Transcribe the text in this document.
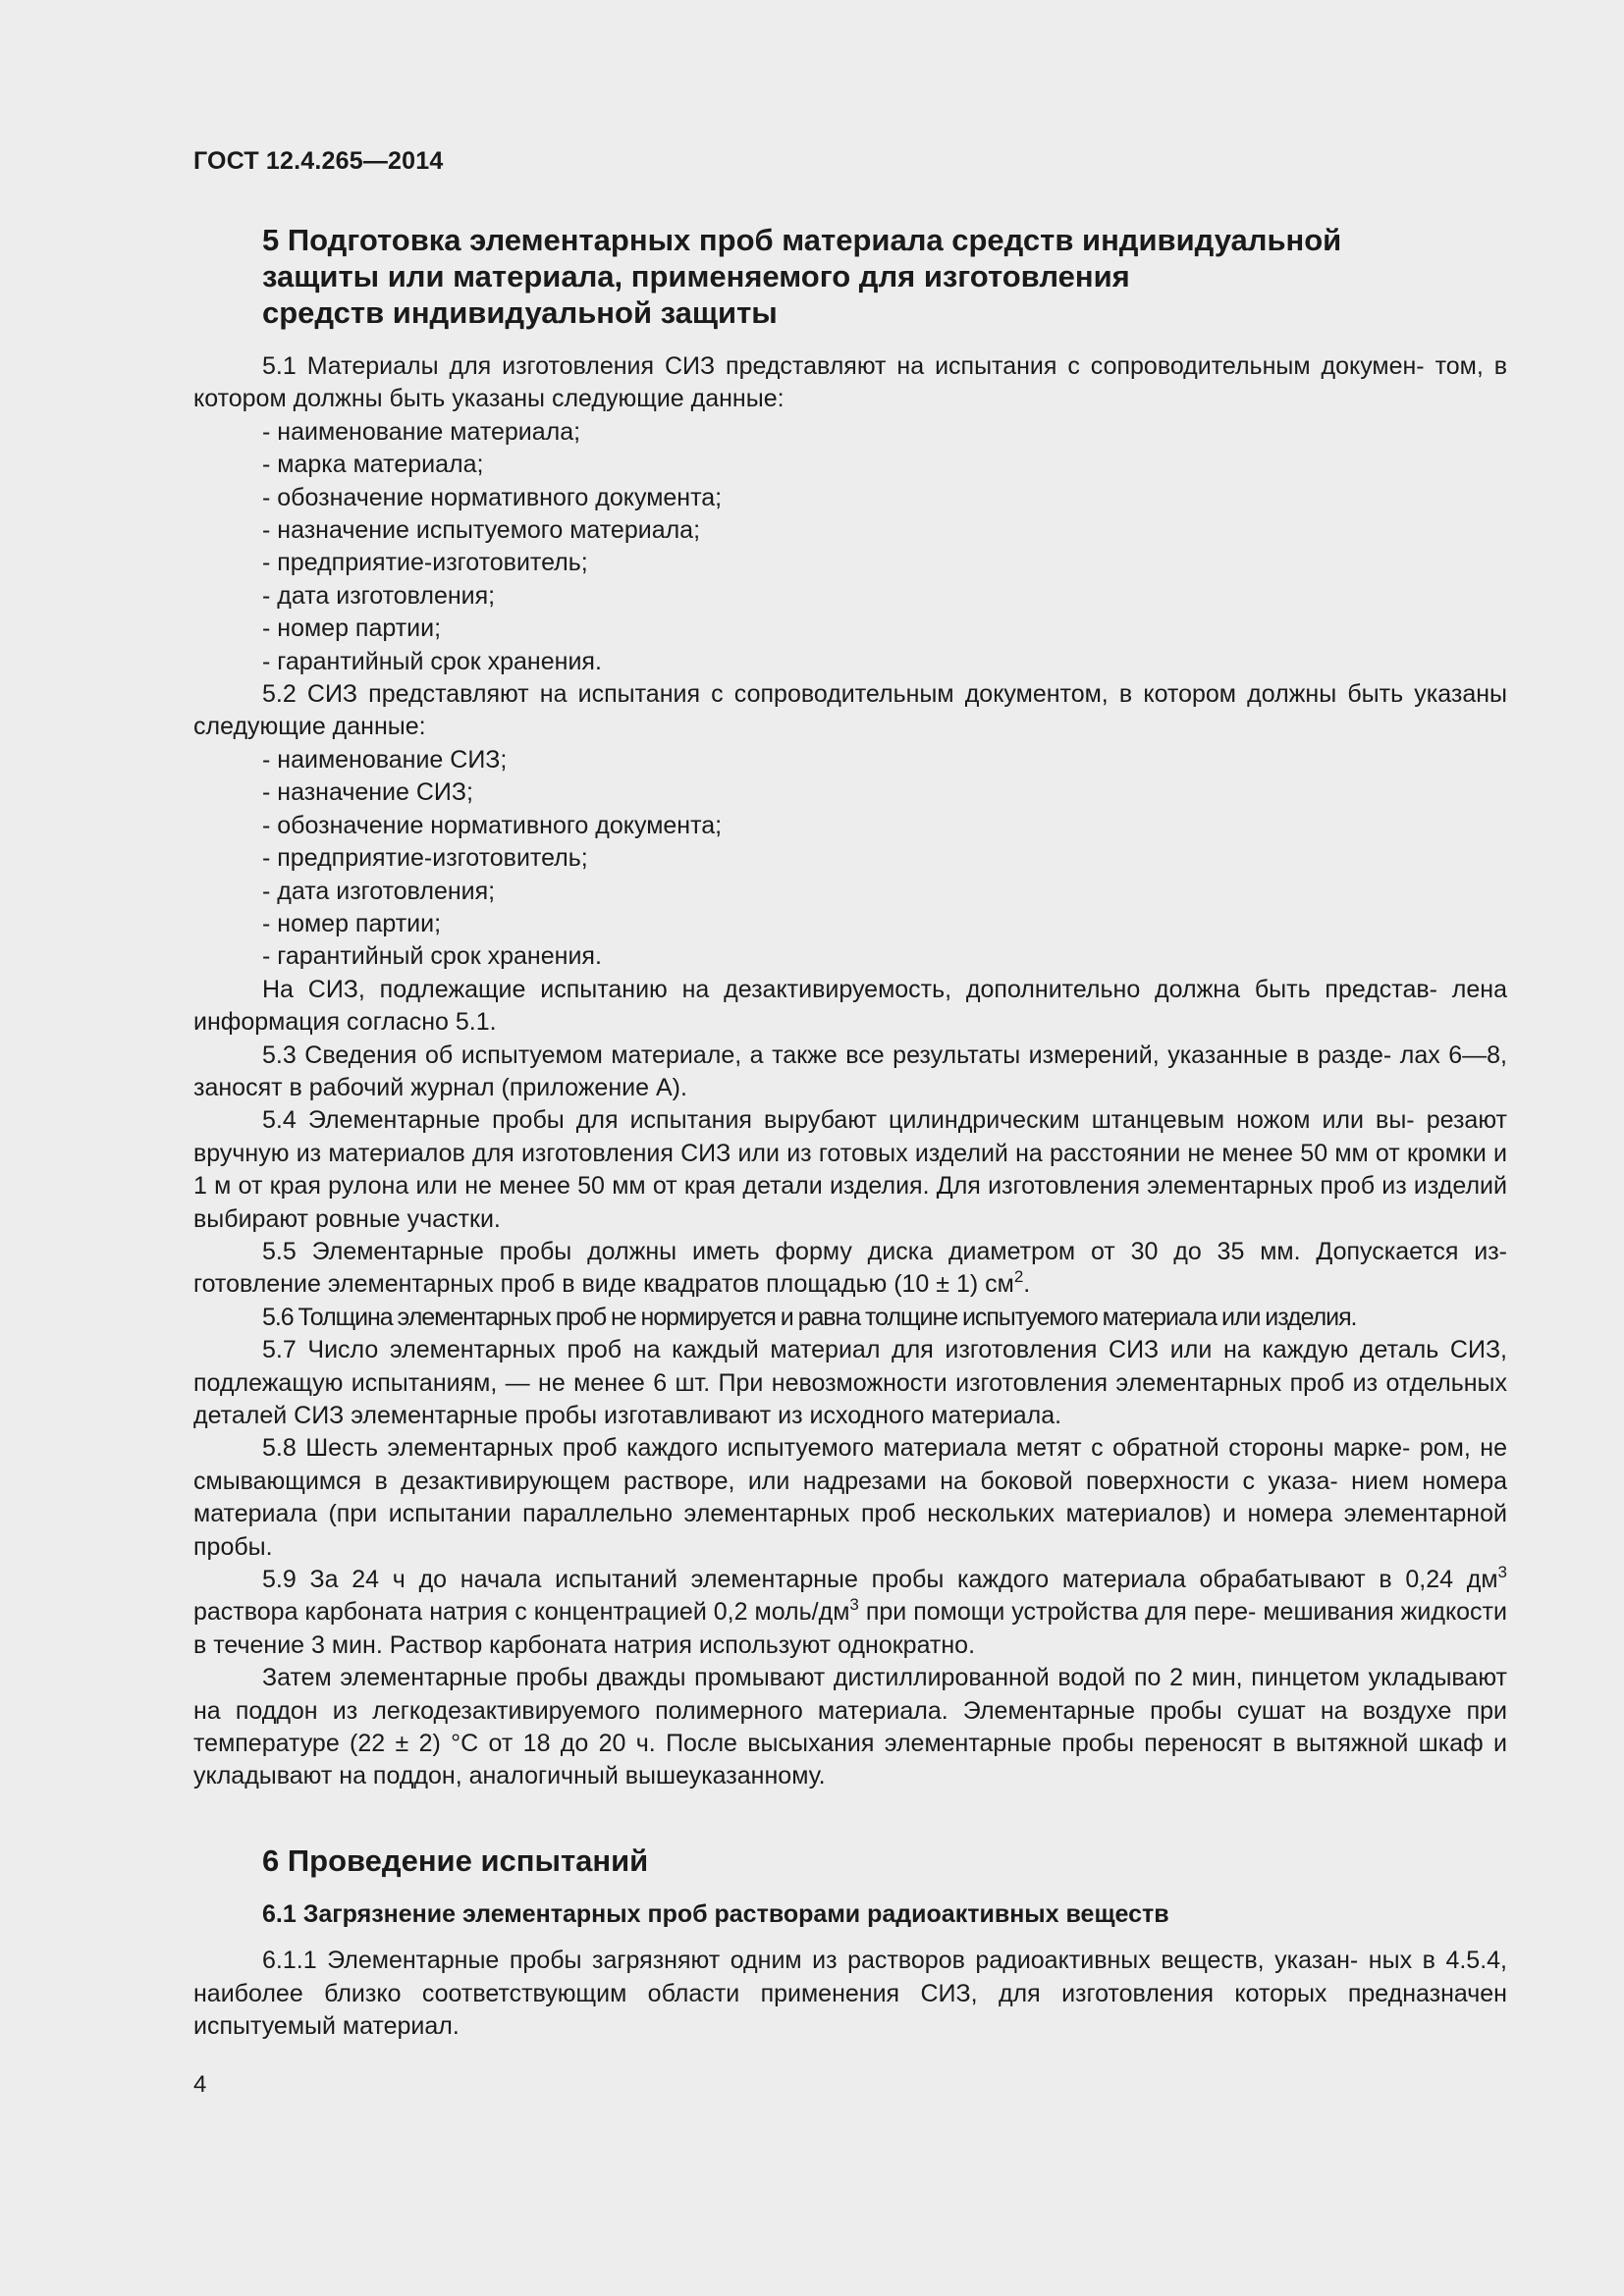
ГОСТ 12.4.265—2014
5 Подготовка элементарных проб материала средств индивидуальной
защиты или материала, применяемого для изготовления
средств индивидуальной защиты

5.1 Материалы для изготовления СИЗ представляют на испытания с сопроводительным докумен- том, в котором должны быть указаны следующие данные:

- наименование материала;
- марка материала;
- обозначение нормативного документа;
- назначение испытуемого материала;
- предприятие-изготовитель;
- дата изготовления;
- номер партии;
- гарантийный срок хранения.

5.2 СИЗ представляют на испытания с сопроводительным документом, в котором должны быть указаны следующие данные:

- наименование СИЗ;
- назначение СИЗ;
- обозначение нормативного документа;
- предприятие-изготовитель;
- дата изготовления;
- номер партии;
- гарантийный срок хранения.

На СИЗ, подлежащие испытанию на дезактивируемость, дополнительно должна быть представ- лена информация согласно 5.1.

5.3 Сведения об испытуемом материале, а также все результаты измерений, указанные в разде- лах 6—8, заносят в рабочий журнал (приложение А).

5.4 Элементарные пробы для испытания вырубают цилиндрическим штанцевым ножом или вы- резают вручную из материалов для изготовления СИЗ или из готовых изделий на расстоянии не менее 50 мм от кромки и 1 м от края рулона или не менее 50 мм от края детали изделия. Для изготовления элементарных проб из изделий выбирают ровные участки.

5.5 Элементарные пробы должны иметь форму диска диаметром от 30 до 35 мм. Допускается из- готовление элементарных проб в виде квадратов площадью (10 ± 1) $см^2$.

5.6 Толщина элементарных проб не нормируется и равна толщине испытуемого материала или изделия.

5.7 Число элементарных проб на каждый материал для изготовления СИЗ или на каждую деталь СИЗ, подлежащую испытаниям, — не менее 6 шт. При невозможности изготовления элементарных проб из отдельных деталей СИЗ элементарные пробы изготавливают из исходного материала.

5.8 Шесть элементарных проб каждого испытуемого материала метят с обратной стороны марке- ром, не смывающимся в дезактивирующем растворе, или надрезами на боковой поверхности с указа- нием номера материала (при испытании параллельно элементарных проб нескольких материалов) и номера элементарной пробы.

5.9 За 24 ч до начала испытаний элементарные пробы каждого материала обрабатывают в 0,24 $дм^3$ раствора карбоната натрия с концентрацией 0,2 моль/$дм^3$ при помощи устройства для пере- мешивания жидкости в течение 3 мин. Раствор карбоната натрия используют однократно.

Затем элементарные пробы дважды промывают дистиллированной водой по 2 мин, пинцетом укладывают на поддон из легкодезактивируемого полимерного материала. Элементарные пробы сушат на воздухе при температуре (22 ± 2) °С от 18 до 20 ч. После высыхания элементарные пробы переносят в вытяжной шкаф и укладывают на поддон, аналогичный вышеуказанному.

6 Проведение испытаний
6.1 Загрязнение элементарных проб растворами радиоактивных веществ

6.1.1 Элементарные пробы загрязняют одним из растворов радиоактивных веществ, указан- ных в 4.5.4, наиболее близко соответствующим области применения СИЗ, для изготовления которых предназначен испытуемый материал.

4
